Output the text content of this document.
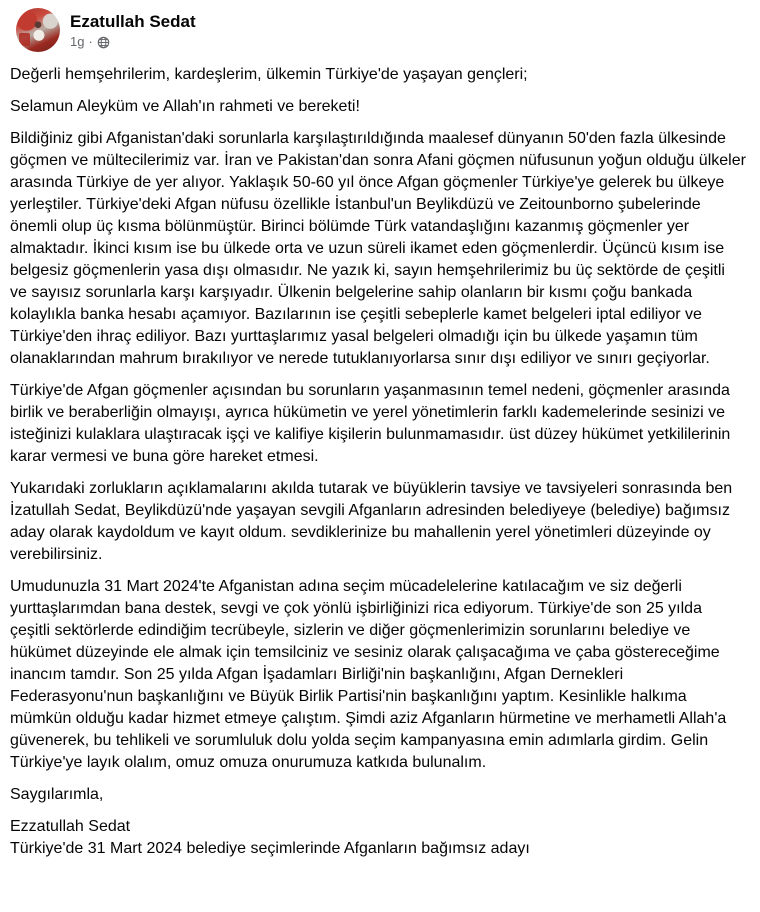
Ezatullah Sedat
1g ·

Değerli hemşehrilerim, kardeşlerim, ülkemin Türkiye'de yaşayan gençleri;

Selamun Aleyküm ve Allah'ın rahmeti ve bereketi!

Bildiğiniz gibi Afganistan'daki sorunlarla karşılaştırıldığında maalesef dünyanın 50'den fazla ülkesinde göçmen ve mültecilerimiz var. İran ve Pakistan'dan sonra Afani göçmen nüfusunun yoğun olduğu ülkeler arasında Türkiye de yer alıyor. Yaklaşık 50-60 yıl önce Afgan göçmenler Türkiye'ye gelerek bu ülkeye yerleştiler. Türkiye'deki Afgan nüfusu özellikle İstanbul'un Beylikdüzü ve Zeitounborno şubelerinde önemli olup üç kısma bölünmüştür. Birinci bölümde Türk vatandaşlığını kazanmış göçmenler yer almaktadır. İkinci kısım ise bu ülkede orta ve uzun süreli ikamet eden göçmenlerdir. Üçüncü kısım ise belgesiz göçmenlerin yasa dışı olmasıdır. Ne yazık ki, sayın hemşehrilerimiz bu üç sektörde de çeşitli ve sayısız sorunlarla karşı karşıyadır. Ülkenin belgelerine sahip olanların bir kısmı çoğu bankada kolaylıkla banka hesabı açamıyor. Bazılarının ise çeşitli sebeplerle kamet belgeleri iptal ediliyor ve Türkiye'den ihraç ediliyor. Bazı yurttaşlarımız yasal belgeleri olmadığı için bu ülkede yaşamın tüm olanaklarından mahrum bırakılıyor ve nerede tutuklanıyorlarsa sınır dışı ediliyor ve sınırı geçiyorlar.

Türkiye'de Afgan göçmenler açısından bu sorunların yaşanmasının temel nedeni, göçmenler arasında birlik ve beraberliğin olmayışı, ayrıca hükümetin ve yerel yönetimlerin farklı kademelerinde sesinizi ve isteğinizi kulaklara ulaştıracak işçi ve kalifiye kişilerin bulunmamasıdır. üst düzey hükümet yetkililerinin karar vermesi ve buna göre hareket etmesi.

Yukarıdaki zorlukların açıklamalarını akılda tutarak ve büyüklerin tavsiye ve tavsiyeleri sonrasında ben İzatullah Sedat, Beylikdüzü'nde yaşayan sevgili Afganların adresinden belediyeye (belediye) bağımsız aday olarak kaydoldum ve kayıt oldum. sevdiklerinize bu mahallenin yerel yönetimleri düzeyinde oy verebilirsiniz.

Umudunuzla 31 Mart 2024'te Afganistan adına seçim mücadelelerine katılacağım ve siz değerli yurttaşlarımdan bana destek, sevgi ve çok yönlü işbirliğinizi rica ediyorum. Türkiye'de son 25 yılda çeşitli sektörlerde edindiğim tecrübeyle, sizlerin ve diğer göçmenlerimizin sorunlarını belediye ve hükümet düzeyinde ele almak için temsilciniz ve sesiniz olarak çalışacağıma ve çaba göstereceğime inancım tamdır. Son 25 yılda Afgan İşadamları Birliği'nin başkanlığını, Afgan Dernekleri Federasyonu'nun başkanlığını ve Büyük Birlik Partisi'nin başkanlığını yaptım. Kesinlikle halkıma mümkün olduğu kadar hizmet etmeye çalıştım. Şimdi aziz Afganların hürmetine ve merhametli Allah'a güvenerek, bu tehlikeli ve sorumluluk dolu yolda seçim kampanyasına emin adımlarla girdim. Gelin Türkiye'ye layık olalım, omuz omuza onurumuza katkıda bulunalım.

Saygılarımla,

Ezzatullah Sedat
Türkiye'de 31 Mart 2024 belediye seçimlerinde Afganların bağımsız adayı
